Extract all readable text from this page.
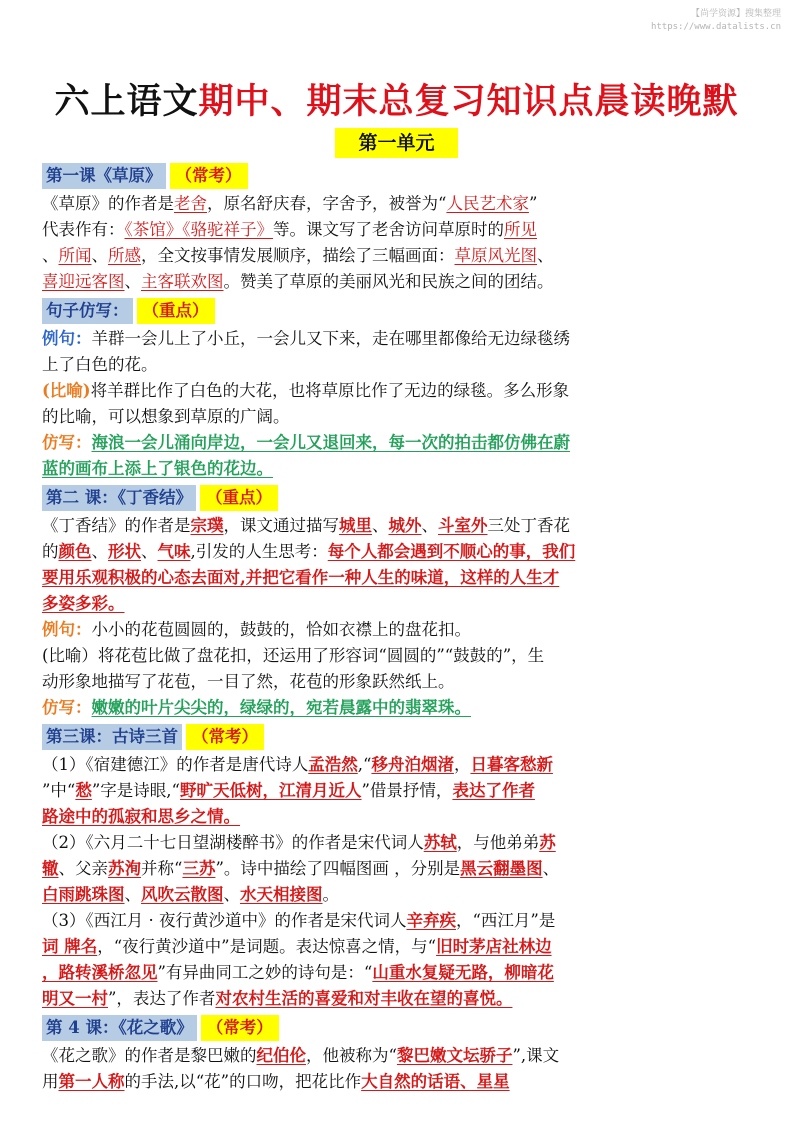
【尚学资源】搜集整理
https://www.datalists.cn
六上语文期中、期末总复习知识点晨读晚默
第一单元
第一课《草原》 （常考）
《草原》的作者是老舍，原名舒庆春，字舍予，被誉为“人民艺术家”
代表作有：《茶馆》《骆驼祥子》等。课文写了老舍访问草原时的所见
、所闻、所感，全文按事情发展顺序，描绘了三幅画面：草原风光图、
喜迎远客图、主客联欢图。赞美了草原的美丽风光和民族之间的团结。
句子仿写： （重点）
例句：羊群一会儿上了小丘，一会儿又下来，走在哪里都像给无边绿毯绣
上了白色的花。
(比喻)将羊群比作了白色的大花，也将草原比作了无边的绿毯。多么形象
的比喻，可以想象到草原的广阔。
仿写：海浪一会儿涌向岸边，一会儿又退回来，每一次的拍击都仿佛在蔚
蓝的画布上添上了银色的花边。
第二 课：《丁香结》 （重点）
《丁香结》的作者是宗璞，课文通过描写城里、城外、斗室外三处丁香花
的颜色、形状、气味,引发的人生思考：每个人都会遇到不顺心的事，我们
要用乐观积极的心态去面对,并把它看作一种人生的味道，这样的人生才
多姿多彩。
例句：小小的花苞圆圆的，鼓鼓的，恰如衣襟上的盘花扣。
(比喻）将花苞比做了盘花扣，还运用了形容词“圆圆的”“鼓鼓的”，生
动形象地描写了花苞，一目了然，花苞的形象跃然纸上。
仿写：嫩嫩的叶片尖尖的，绿绿的，宛若晨露中的翡翠珠。
第三课：古诗三首 （常考）
（1）《宿建德江》的作者是唐代诗人孟浩然,“移舟泊烟渚，日暮客愁新
”中“愁”字是诗眼,“野旷天低树，江清月近人”借景抒情，表达了作者
路途中的孤寂和思乡之情。
（2）《六月二十七日望湖楼醉书》的作者是宋代词人苏轼，与他弟弟苏
辙、父亲苏洵并称“三苏”。诗中描绘了四幅图画 ，分别是黑云翻墨图、
白雨跳珠图、风吹云散图、水天相接图。
（3）《西江月 · 夜行黄沙道中》的作者是宋代词人辛弃疾，“西江月”是
词 牌名，“夜行黄沙道中”是词题。表达惊喜之情，与“旧时茅店社林边
，路转溪桥忽见”有异曲同工之妙的诗句是：“山重水复疑无路，柳暗花
明又一村”，表达了作者对农村生活的喜爱和对丰收在望的喜悦。
第 4 课：《花之歌》 （常考）
《花之歌》的作者是黎巴嫩的纪伯伦，他被称为“黎巴嫩文坛骄子”,课文
用第一人称的手法,以“花”的口吻，把花比作大自然的话语、星星
